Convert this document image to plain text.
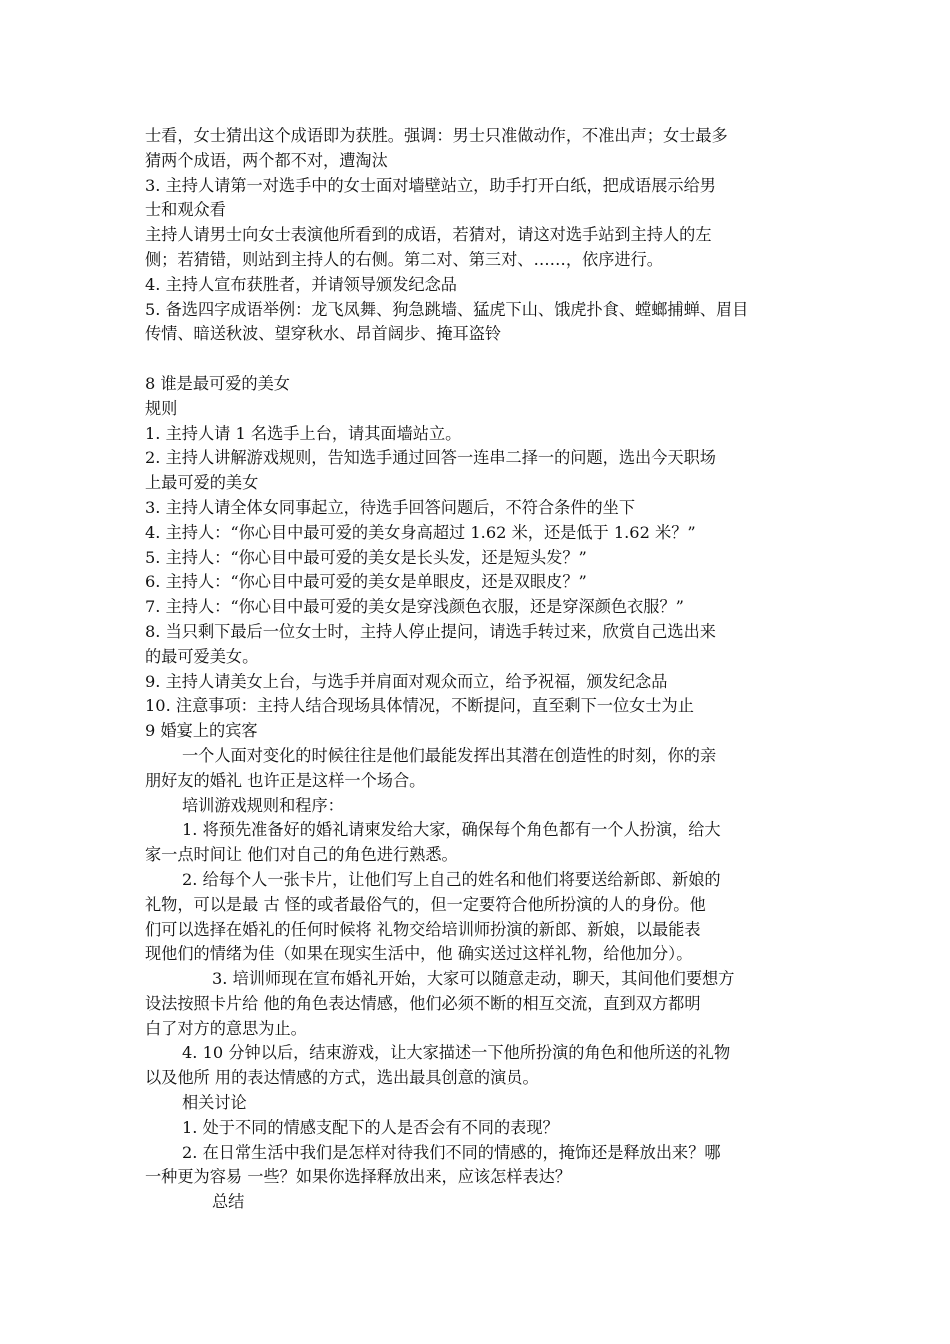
士看，女士猜出这个成语即为获胜。强调：男士只准做动作，不准出声；女士最多
猜两个成语，两个都不对，遭淘汰
3. 主持人请第一对选手中的女士面对墙壁站立，助手打开白纸，把成语展示给男
士和观众看
主持人请男士向女士表演他所看到的成语，若猜对，请这对选手站到主持人的左
侧；若猜错，则站到主持人的右侧。第二对、第三对、……，依序进行。
4. 主持人宣布获胜者，并请领导颁发纪念品
5. 备选四字成语举例：龙飞凤舞、狗急跳墙、猛虎下山、饿虎扑食、螳螂捕蝉、眉目
传情、暗送秋波、望穿秋水、昂首阔步、掩耳盗铃
8 谁是最可爱的美女
规则
1. 主持人请 1 名选手上台，请其面墙站立。
2. 主持人讲解游戏规则，告知选手通过回答一连串二择一的问题，选出今天职场
上最可爱的美女
3. 主持人请全体女同事起立，待选手回答问题后，不符合条件的坐下
4. 主持人：“你心目中最可爱的美女身高超过 1.62 米，还是低于 1.62 米？”
5. 主持人：“你心目中最可爱的美女是长头发，还是短头发？”
6. 主持人：“你心目中最可爱的美女是单眼皮，还是双眼皮？”
7. 主持人：“你心目中最可爱的美女是穿浅颜色衣服，还是穿深颜色衣服？”
8. 当只剩下最后一位女士时，主持人停止提问，请选手转过来，欣赏自己选出来
的最可爱美女。
9. 主持人请美女上台，与选手并肩面对观众而立，给予祝福，颁发纪念品
10. 注意事项：主持人结合现场具体情况，不断提问，直至剩下一位女士为止
9 婚宴上的宾客
一个人面对变化的时候往往是他们最能发挥出其潜在创造性的时刻，你的亲
朋好友的婚礼 也许正是这样一个场合。
培训游戏规则和程序：
1. 将预先准备好的婚礼请柬发给大家，确保每个角色都有一个人扮演，给大
家一点时间让 他们对自己的角色进行熟悉。
2. 给每个人一张卡片，让他们写上自己的姓名和他们将要送给新郎、新娘的
礼物，可以是最 古 怪的或者最俗气的，但一定要符合他所扮演的人的身份。他
们可以选择在婚礼的任何时候将 礼物交给培训师扮演的新郎、新娘，以最能表
现他们的情绪为佳（如果在现实生活中，他 确实送过这样礼物，给他加分）。
3. 培训师现在宣布婚礼开始，大家可以随意走动，聊天，其间他们要想方
设法按照卡片给 他的角色表达情感，他们必须不断的相互交流，直到双方都明
白了对方的意思为止。
4. 10 分钟以后，结束游戏，让大家描述一下他所扮演的角色和他所送的礼物
以及他所 用的表达情感的方式，选出最具创意的演员。
相关讨论
1. 处于不同的情感支配下的人是否会有不同的表现？
2. 在日常生活中我们是怎样对待我们不同的情感的，掩饰还是释放出来？哪
一种更为容易 一些？如果你选择释放出来，应该怎样表达？
总结
